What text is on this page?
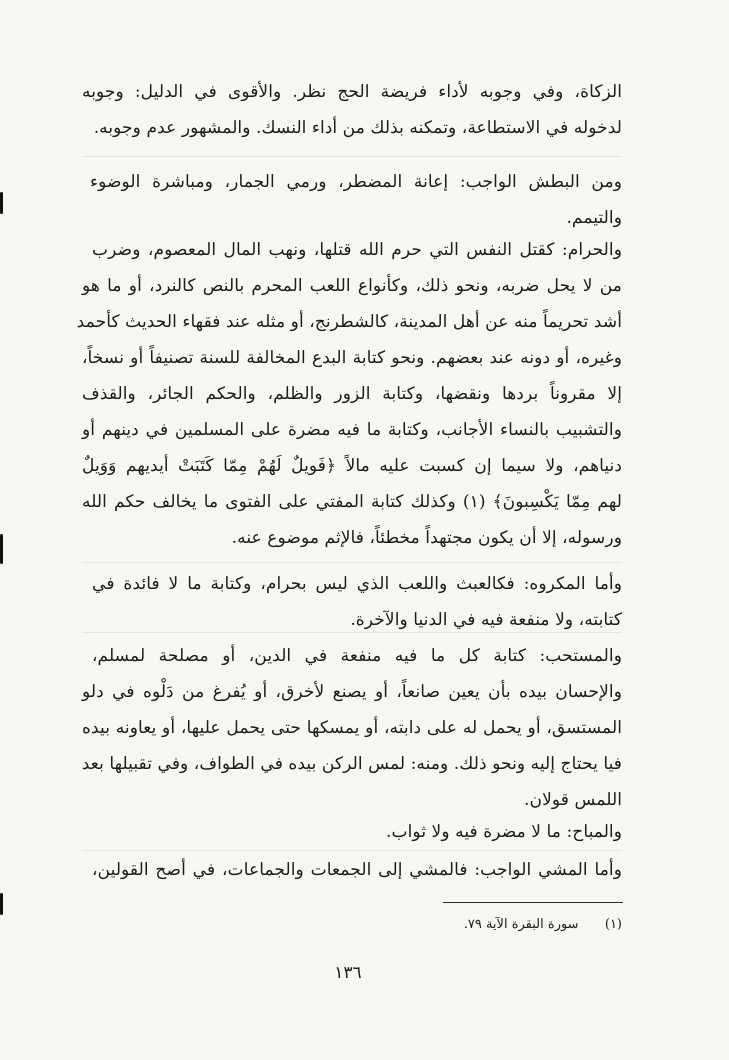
الزكاة، وفي وجوبه لأداء فريضة الحج نظر. والأقوى في الدليل: وجوبه
لدخوله في الاستطاعة، وتمكنه بذلك من أداء النسك. والمشهور عدم وجوبه.
ومن البطش الواجب: إعانة المضطر، ورمي الجمار، ومباشرة الوضوء
والتيمم.
والحرام: كقتل النفس التي حرم الله قتلها، ونهب المال المعصوم، وضرب
من لا يحل ضربه، ونحو ذلك، وكأنواع اللعب المحرم بالنص كالنرد، أو ما هو
أشد تحريماً منه عن أهل المدينة، كالشطرنج، أو مثله عند فقهاء الحديث كأحمد
وغيره، أو دونه عند بعضهم. ونحو كتابة البدع المخالفة للسنة تصنيفاً أو نسخاً،
إلا مقروناً بردها ونقضها، وكتابة الزور والظلم، والحكم الجائر، والقذف
والتشبيب بالنساء الأجانب، وكتابة ما فيه مضرة على المسلمين في دينهم أو
دنياهم، ولا سيما إن كسبت عليه مالاً ﴿فَويلٌ لَهُمْ مِمّا كَتَبَتْ أيديهم وَوَيلٌ
لهم مِمّا يَكْسِبونَ﴾ (١) وكذلك كتابة المفتي على الفتوى ما يخالف حكم الله
ورسوله، إلا أن يكون مجتهداً مخطئاً، فالإثم موضوع عنه.
وأما المكروه: فكالعبث واللعب الذي ليس بحرام، وكتابة ما لا فائدة في
كتابته، ولا منفعة فيه في الدنيا والآخرة.
والمستحب: كتابة كل ما فيه منفعة في الدين، أو مصلحة لمسلم،
والإحسان بيده بأن يعين صانعاً، أو يصنع لأخرق، أو يُفرغ من دَلْوه في دلو
المستسق، أو يحمل له على دابته، أو يمسكها حتى يحمل عليها، أو يعاونه بيده
فيا يحتاج إليه ونحو ذلك. ومنه: لمس الركن بيده في الطواف، وفي تقبيلها بعد
اللمس قولان.
والمباح: ما لا مضرة فيه ولا ثواب.
وأما المشي الواجب: فالمشي إلى الجمعات والجماعات، في أصح القولين،
(١)  سورة البقرة الآية ٧٩.
١٣٦
